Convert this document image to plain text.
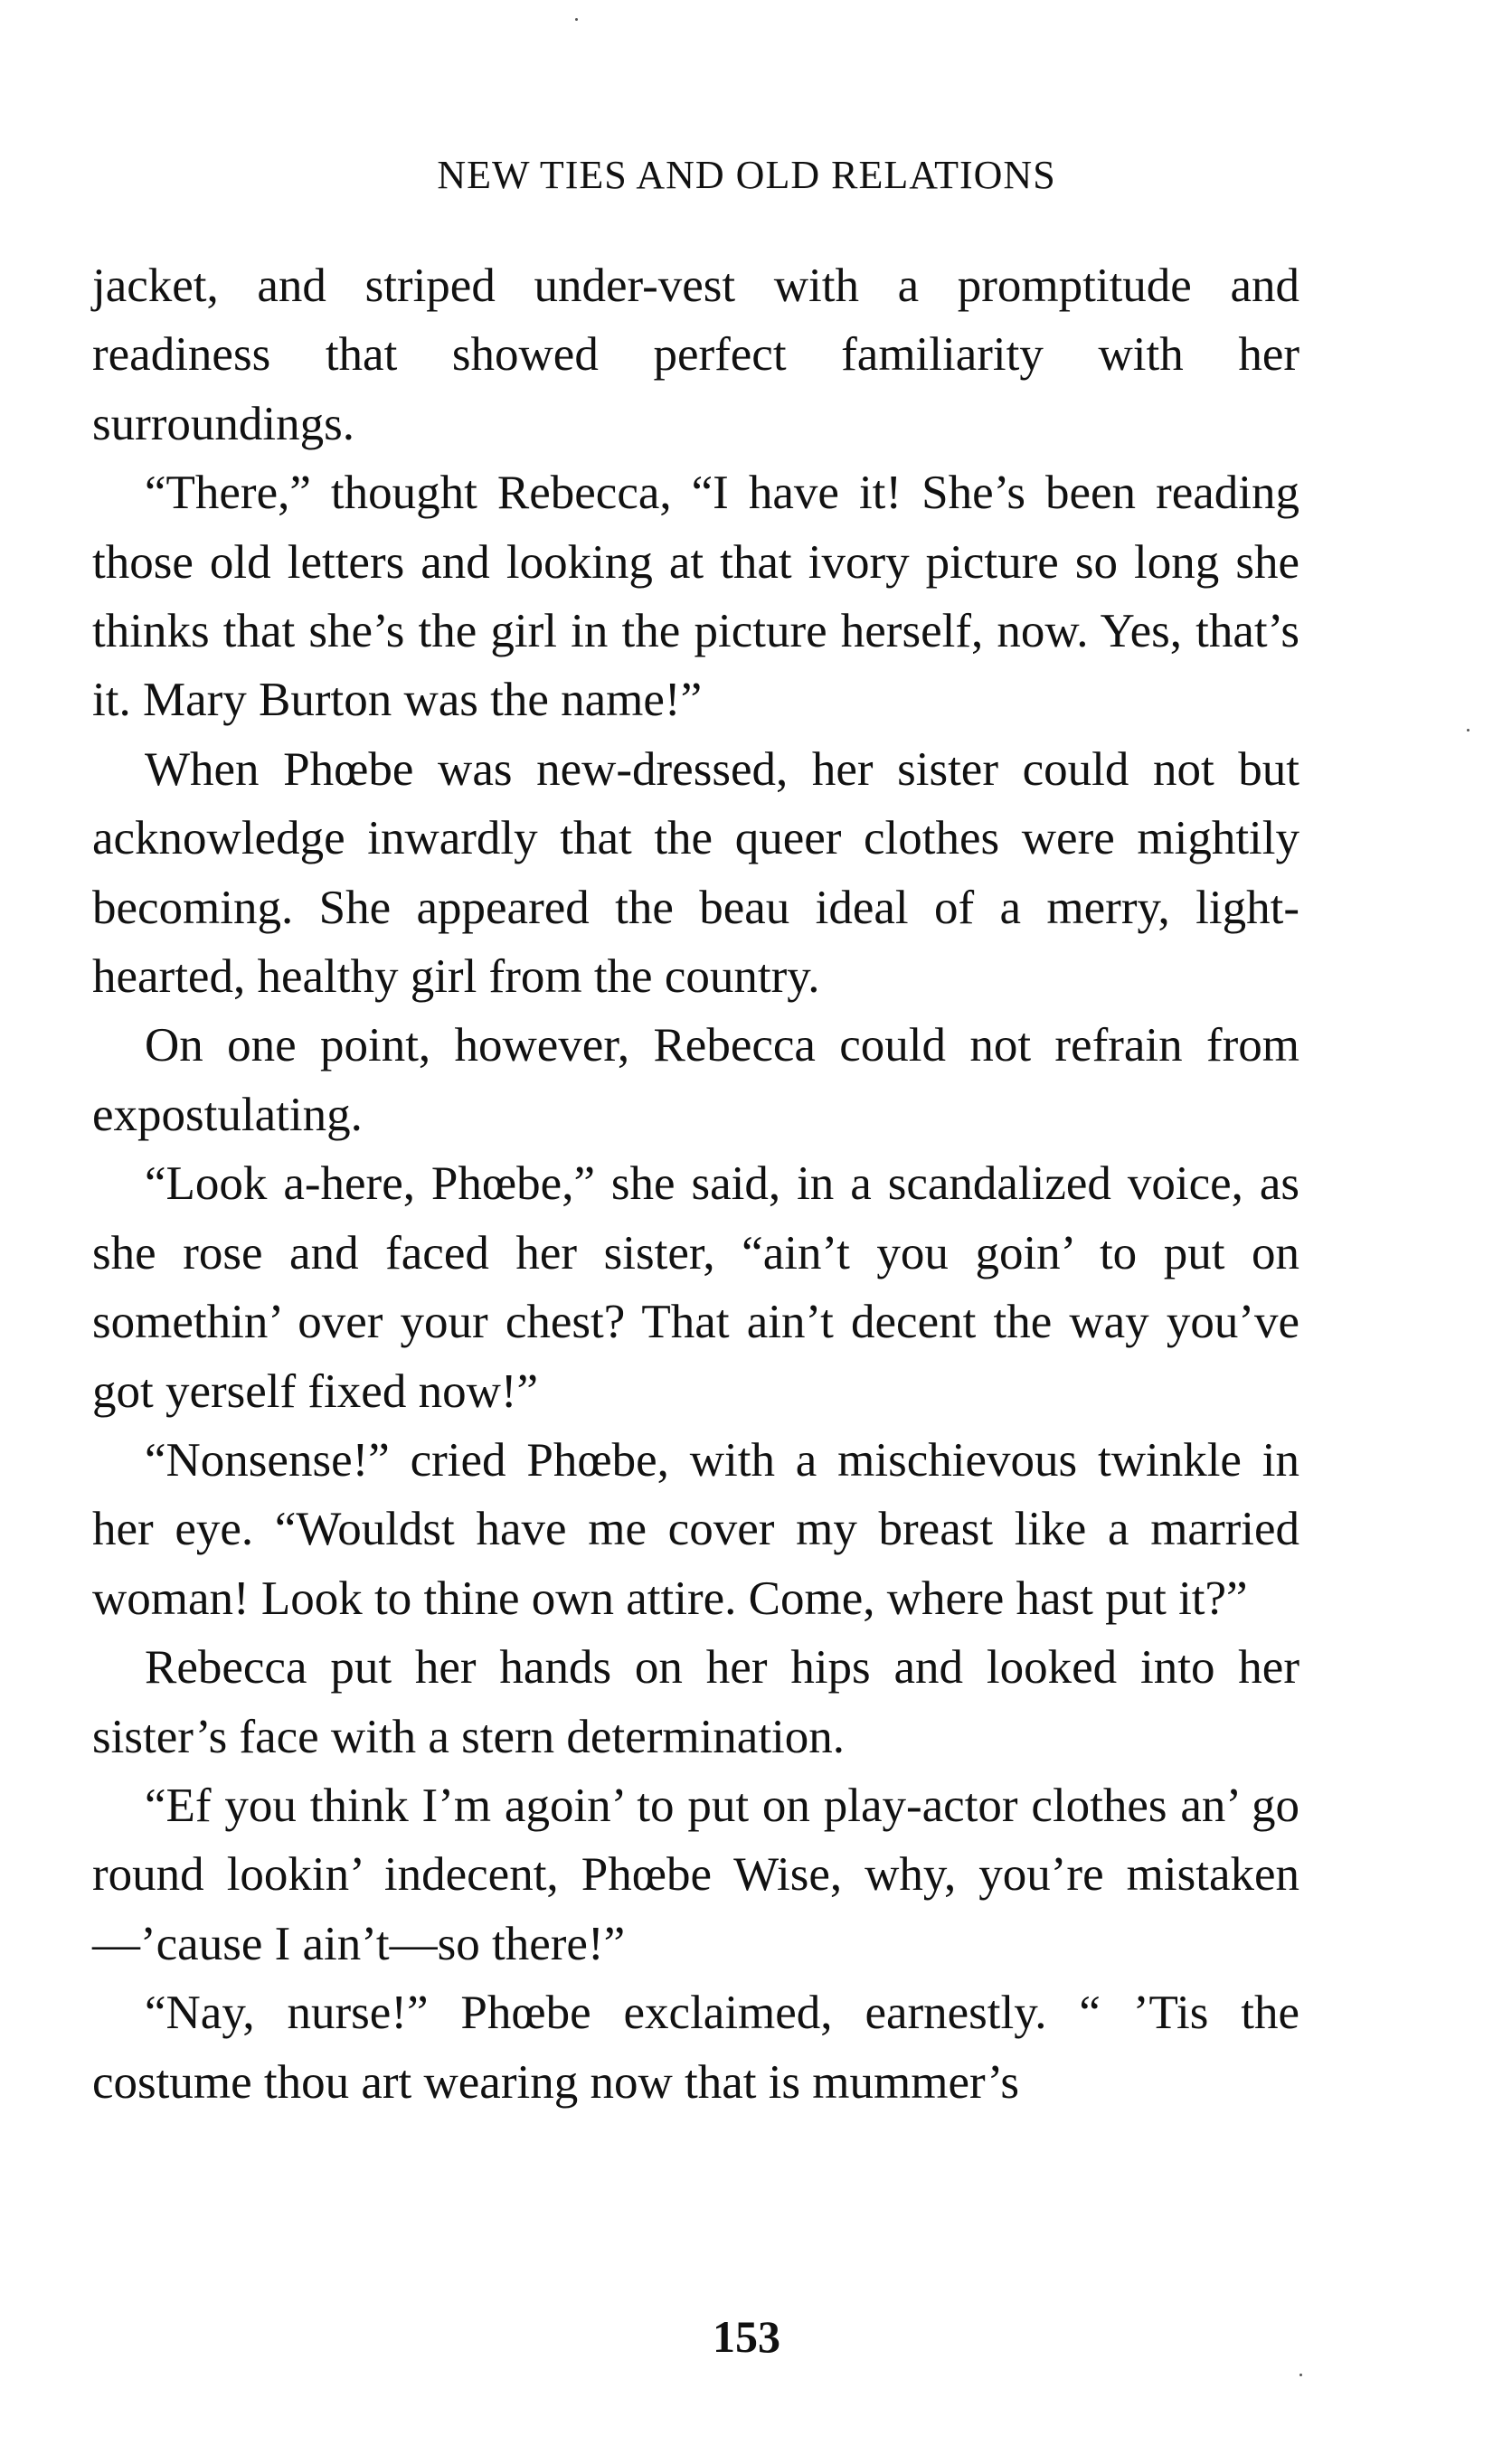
NEW TIES AND OLD RELATIONS

jacket, and striped under-vest with a promptitude and readiness that showed perfect familiarity with her surroundings.

“There,” thought Rebecca, “I have it! She’s been reading those old letters and looking at that ivory picture so long she thinks that she’s the girl in the picture herself, now. Yes, that’s it. Mary Burton was the name!”

When Phœbe was new-dressed, her sister could not but acknowledge inwardly that the queer clothes were mightily becoming. She appeared the beau ideal of a merry, light-hearted, healthy girl from the country.

On one point, however, Rebecca could not refrain from expostulating.

“Look a-here, Phœbe,” she said, in a scandalized voice, as she rose and faced her sister, “ain’t you goin’ to put on somethin’ over your chest? That ain’t decent the way you’ve got yerself fixed now!”

“Nonsense!” cried Phœbe, with a mischievous twinkle in her eye. “Wouldst have me cover my breast like a married woman! Look to thine own attire. Come, where hast put it?”

Rebecca put her hands on her hips and looked into her sister’s face with a stern determination.

“Ef you think I’m agoin’ to put on play-actor clothes an’ go round lookin’ indecent, Phœbe Wise, why, you’re mistaken—’cause I ain’t—so there!”

“Nay, nurse!” Phœbe exclaimed, earnestly. “ ’Tis the costume thou art wearing now that is mummer’s

153
